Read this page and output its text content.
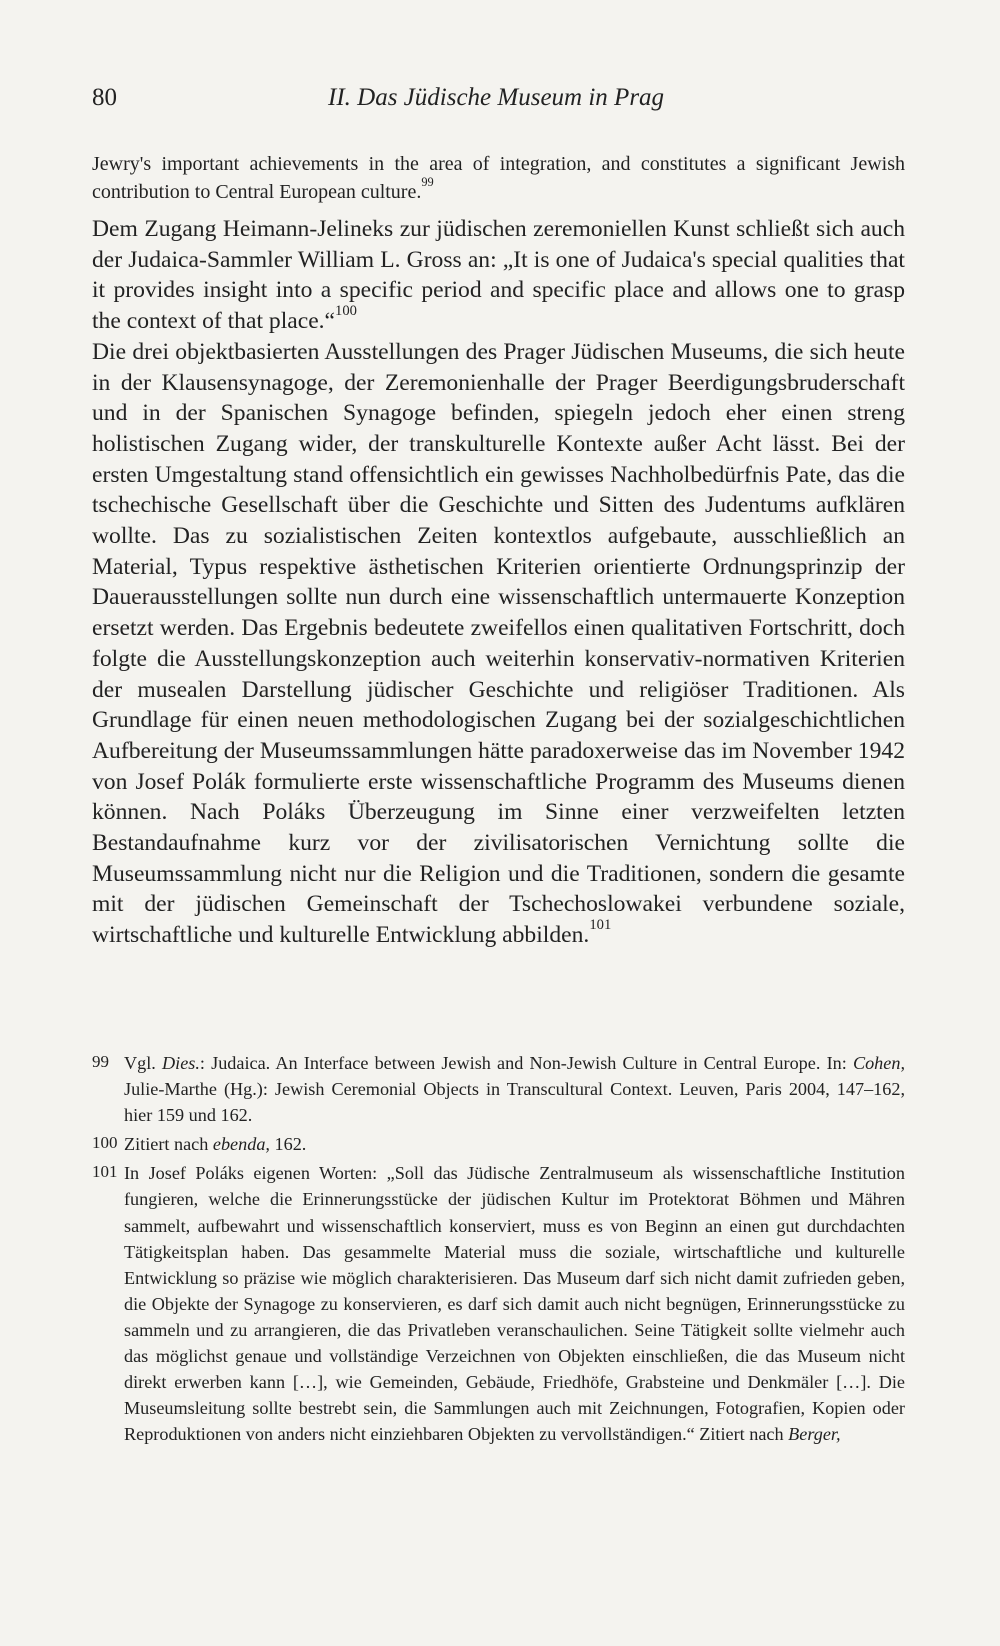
80	II. Das Jüdische Museum in Prag
Jewry's important achievements in the area of integration, and constitutes a significant Jewish contribution to Central European culture.$^{99}$

Dem Zugang Heimann-Jelineks zur jüdischen zeremoniellen Kunst schließt sich auch der Judaica-Sammler William L. Gross an: „It is one of Judaica's special qualities that it provides insight into a specific period and specific place and allows one to grasp the context of that place.“$^{100}$

Die drei objektbasierten Ausstellungen des Prager Jüdischen Museums, die sich heute in der Klausensynagoge, der Zeremonienhalle der Prager Beerdigungsbruderschaft und in der Spanischen Synagoge befinden, spiegeln jedoch eher einen streng holistischen Zugang wider, der transkulturelle Kontexte außer Acht lässt. Bei der ersten Umgestaltung stand offensichtlich ein gewisses Nachholbedürfnis Pate, das die tschechische Gesellschaft über die Geschichte und Sitten des Judentums aufklären wollte. Das zu sozialistischen Zeiten kontextlos aufgebaute, ausschließlich an Material, Typus respektive ästhetischen Kriterien orientierte Ordnungsprinzip der Dauerausstellungen sollte nun durch eine wissenschaftlich untermauerte Konzeption ersetzt werden. Das Ergebnis bedeutete zweifellos einen qualitativen Fortschritt, doch folgte die Ausstellungskonzeption auch weiterhin konservativ-normativen Kriterien der musealen Darstellung jüdischer Geschichte und religiöser Traditionen. Als Grundlage für einen neuen methodologischen Zugang bei der sozialgeschichtlichen Aufbereitung der Museumssammlungen hätte paradoxerweise das im November 1942 von Josef Polák formulierte erste wissenschaftliche Programm des Museums dienen können. Nach Poláks Überzeugung im Sinne einer verzweifelten letzten Bestandaufnahme kurz vor der zivilisatorischen Vernichtung sollte die Museumssammlung nicht nur die Religion und die Traditionen, sondern die gesamte mit der jüdischen Gemeinschaft der Tschechoslowakei verbundene soziale, wirtschaftliche und kulturelle Entwicklung abbilden.$^{101}$

99 Vgl. Dies.: Judaica. An Interface between Jewish and Non-Jewish Culture in Central Europe. In: Cohen, Julie-Marthe (Hg.): Jewish Ceremonial Objects in Transcultural Context. Leuven, Paris 2004, 147–162, hier 159 und 162.
100 Zitiert nach ebenda, 162.
101 In Josef Poláks eigenen Worten: „Soll das Jüdische Zentralmuseum als wissenschaftliche Institution fungieren, welche die Erinnerungsstücke der jüdischen Kultur im Protektorat Böhmen und Mähren sammelt, aufbewahrt und wissenschaftlich konserviert, muss es von Beginn an einen gut durchdachten Tätigkeitsplan haben. Das gesammelte Material muss die soziale, wirtschaftliche und kulturelle Entwicklung so präzise wie möglich charakterisieren. Das Museum darf sich nicht damit zufrieden geben, die Objekte der Synagoge zu konservieren, es darf sich damit auch nicht begnügen, Erinnerungsstücke zu sammeln und zu arrangieren, die das Privatleben veranschaulichen. Seine Tätigkeit sollte vielmehr auch das möglichst genaue und vollständige Verzeichnen von Objekten einschließen, die das Museum nicht direkt erwerben kann […], wie Gemeinden, Gebäude, Friedhöfe, Grabsteine und Denkmäler […]. Die Museumsleitung sollte bestrebt sein, die Sammlungen auch mit Zeichnungen, Fotografien, Kopien oder Reproduktionen von anders nicht einziehbaren Objekten zu vervollständigen.“ Zitiert nach Berger,
